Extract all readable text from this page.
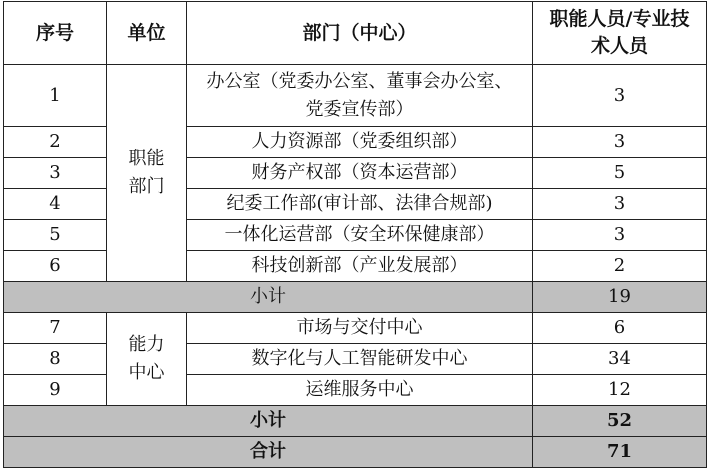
序号	单位	部门（中心）	职能人员/专业技术人员
1	职能部门	办公室（党委办公室、董事会办公室、党委宣传部）	3
2		人力资源部（党委组织部）	3
3		财务产权部（资本运营部）	5
4		纪委工作部(审计部、法律合规部)	3
5		一体化运营部（安全环保健康部）	3
6		科技创新部（产业发展部）	2
小计			19
7	能力中心	市场与交付中心	6
8		数字化与人工智能研发中心	34
9		运维服务中心	12
小计			52
合计			71
